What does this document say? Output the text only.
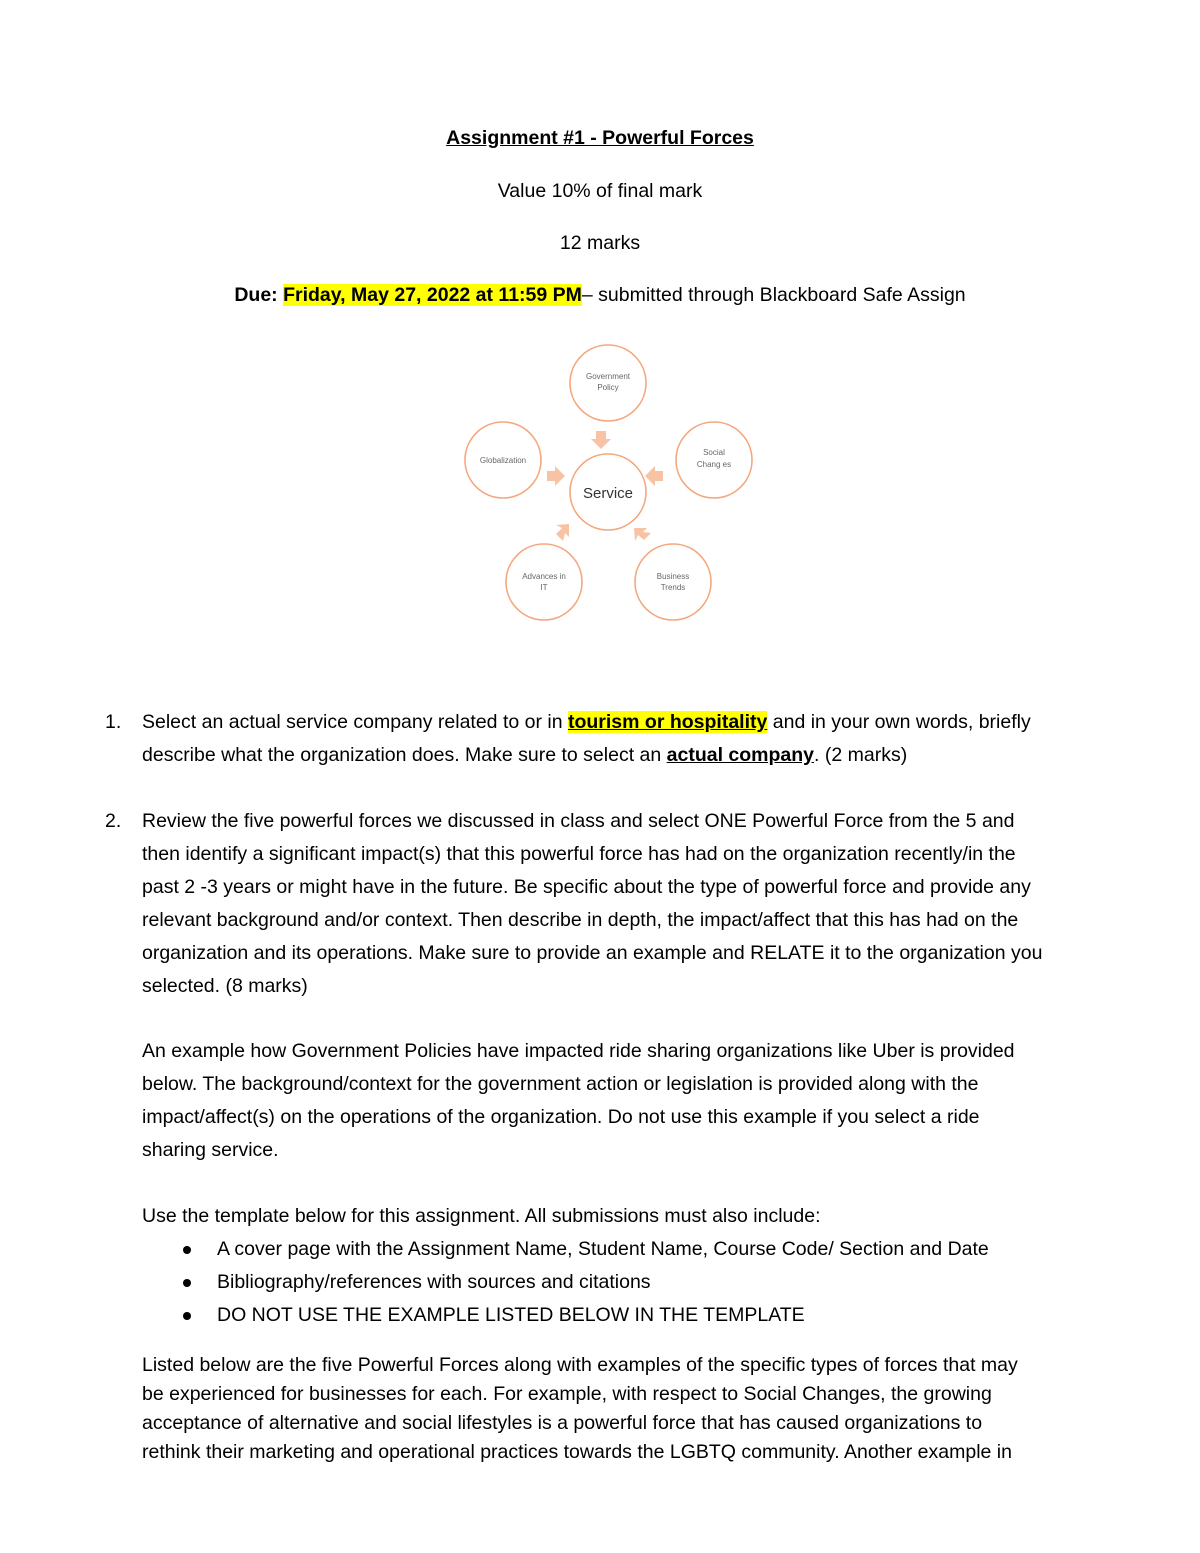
Assignment #1 - Powerful Forces
Value 10% of final mark
12 marks
Due: Friday, May 27, 2022 at 11:59 PM– submitted through Blackboard Safe Assign
Service
Government
Policy
Social
Chang es
Business
Trends
Advances in
IT
Globalization
1. Select an actual service company related to or in tourism or hospitality and in your own words, briefly
describe what the organization does. Make sure to select an actual company. (2 marks)
2. Review the five powerful forces we discussed in class and select ONE Powerful Force from the 5 and
then identify a significant impact(s) that this powerful force has had on the organization recently/in the
past 2 -3 years or might have in the future. Be specific about the type of powerful force and provide any
relevant background and/or context. Then describe in depth, the impact/affect that this has had on the
organization and its operations. Make sure to provide an example and RELATE it to the organization you
selected. (8 marks)
An example how Government Policies have impacted ride sharing organizations like Uber is provided
below. The background/context for the government action or legislation is provided along with the
impact/affect(s) on the operations of the organization. Do not use this example if you select a ride
sharing service.
Use the template below for this assignment. All submissions must also include:
A cover page with the Assignment Name, Student Name, Course Code/ Section and Date
Bibliography/references with sources and citations
DO NOT USE THE EXAMPLE LISTED BELOW IN THE TEMPLATE
Listed below are the five Powerful Forces along with examples of the specific types of forces that may
be experienced for businesses for each. For example, with respect to Social Changes, the growing
acceptance of alternative and social lifestyles is a powerful force that has caused organizations to
rethink their marketing and operational practices towards the LGBTQ community. Another example in
